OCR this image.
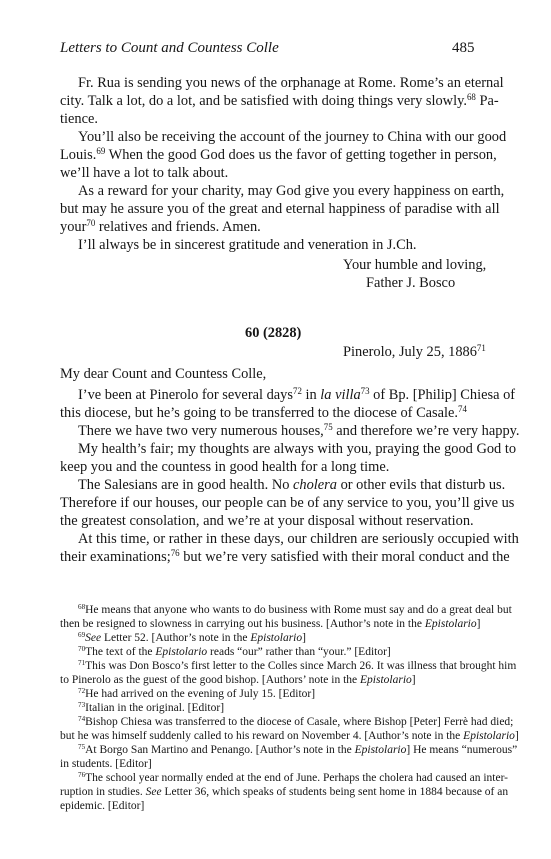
Letters to Count and Countess Colle	485
Fr. Rua is sending you news of the orphanage at Rome. Rome’s an eternal
city. Talk a lot, do a lot, and be satisfied with doing things very slowly.$^{68}$ Pa-
tience.
You’ll also be receiving the account of the journey to China with our good
Louis.$^{69}$ When the good God does us the favor of getting together in person,
we’ll have a lot to talk about.
As a reward for your charity, may God give you every happiness on earth,
but may he assure you of the great and eternal happiness of paradise with all
your$^{70}$ relatives and friends. Amen.
I’ll always be in sincerest gratitude and veneration in J.Ch.
Your humble and loving,
Father J. Bosco
60 (2828)
Pinerolo, July 25, 1886$^{71}$
My dear Count and Countess Colle,
I’ve been at Pinerolo for several days$^{72}$ in la villa$^{73}$ of Bp. [Philip] Chiesa of
this diocese, but he’s going to be transferred to the diocese of Casale.$^{74}$
There we have two very numerous houses,$^{75}$ and therefore we’re very happy.
My health’s fair; my thoughts are always with you, praying the good God to
keep you and the countess in good health for a long time.
The Salesians are in good health. No cholera or other evils that disturb us.
Therefore if our houses, our people can be of any service to you, you’ll give us
the greatest consolation, and we’re at your disposal without reservation.
At this time, or rather in these days, our children are seriously occupied with
their examinations;$^{76}$ but we’re very satisfied with their moral conduct and the
$^{68}$He means that anyone who wants to do business with Rome must say and do a great deal but
then be resigned to slowness in carrying out his business. [Author’s note in the Epistolario]
$^{69}$See Letter 52. [Author’s note in the Epistolario]
$^{70}$The text of the Epistolario reads “our” rather than “your.” [Editor]
$^{71}$This was Don Bosco’s first letter to the Colles since March 26. It was illness that brought him
to Pinerolo as the guest of the good bishop. [Authors’ note in the Epistolario]
$^{72}$He had arrived on the evening of July 15. [Editor]
$^{73}$Italian in the original. [Editor]
$^{74}$Bishop Chiesa was transferred to the diocese of Casale, where Bishop [Peter] Ferrè had died;
but he was himself suddenly called to his reward on November 4. [Author’s note in the Epistolario]
$^{75}$At Borgo San Martino and Penango. [Author’s note in the Epistolario] He means “numerous”
in students. [Editor]
$^{76}$The school year normally ended at the end of June. Perhaps the cholera had caused an inter-
ruption in studies. See Letter 36, which speaks of students being sent home in 1884 because of an
epidemic. [Editor]
